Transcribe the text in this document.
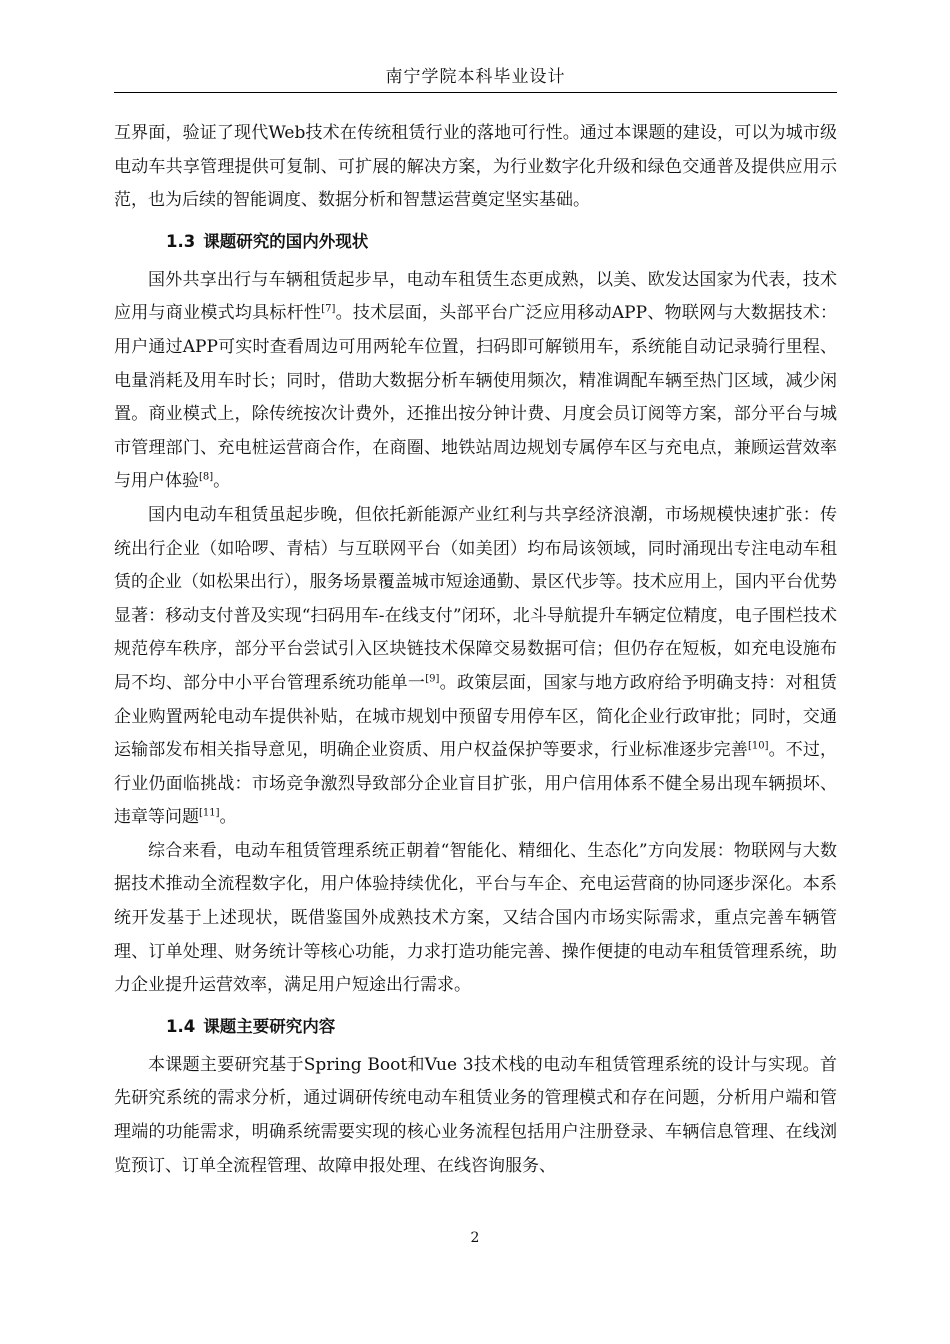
南宁学院本科毕业设计

互界面，验证了现代Web技术在传统租赁行业的落地可行性。通过本课题的建设，可以为城市级电动车共享管理提供可复制、可扩展的解决方案，为行业数字化升级和绿色交通普及提供应用示范，也为后续的智能调度、数据分析和智慧运营奠定坚实基础。

1.3 课题研究的国内外现状

国外共享出行与车辆租赁起步早，电动车租赁生态更成熟，以美、欧发达国家为代表，技术应用与商业模式均具标杆性[7]。技术层面，头部平台广泛应用移动APP、物联网与大数据技术：用户通过APP可实时查看周边可用两轮车位置，扫码即可解锁用车，系统能自动记录骑行里程、电量消耗及用车时长；同时，借助大数据分析车辆使用频次，精准调配车辆至热门区域，减少闲置。商业模式上，除传统按次计费外，还推出按分钟计费、月度会员订阅等方案，部分平台与城市管理部门、充电桩运营商合作，在商圈、地铁站周边规划专属停车区与充电点，兼顾运营效率与用户体验[8]。

国内电动车租赁虽起步晚，但依托新能源产业红利与共享经济浪潮，市场规模快速扩张：传统出行企业（如哈啰、青桔）与互联网平台（如美团）均布局该领域，同时涌现出专注电动车租赁的企业（如松果出行），服务场景覆盖城市短途通勤、景区代步等。技术应用上，国内平台优势显著：移动支付普及实现“扫码用车-在线支付”闭环，北斗导航提升车辆定位精度，电子围栏技术规范停车秩序，部分平台尝试引入区块链技术保障交易数据可信；但仍存在短板，如充电设施布局不均、部分中小平台管理系统功能单一[9]。政策层面，国家与地方政府给予明确支持：对租赁企业购置两轮电动车提供补贴，在城市规划中预留专用停车区，简化企业行政审批；同时，交通运输部发布相关指导意见，明确企业资质、用户权益保护等要求，行业标准逐步完善[10]。不过，行业仍面临挑战：市场竞争激烈导致部分企业盲目扩张，用户信用体系不健全易出现车辆损坏、违章等问题[11]。

综合来看，电动车租赁管理系统正朝着“智能化、精细化、生态化”方向发展：物联网与大数据技术推动全流程数字化，用户体验持续优化，平台与车企、充电运营商的协同逐步深化。本系统开发基于上述现状，既借鉴国外成熟技术方案，又结合国内市场实际需求，重点完善车辆管理、订单处理、财务统计等核心功能，力求打造功能完善、操作便捷的电动车租赁管理系统，助力企业提升运营效率，满足用户短途出行需求。

1.4 课题主要研究内容

本课题主要研究基于Spring Boot和Vue 3技术栈的电动车租赁管理系统的设计与实现。首先研究系统的需求分析，通过调研传统电动车租赁业务的管理模式和存在问题，分析用户端和管理端的功能需求，明确系统需要实现的核心业务流程包括用户注册登录、车辆信息管理、在线浏览预订、订单全流程管理、故障申报处理、在线咨询服务、

2
